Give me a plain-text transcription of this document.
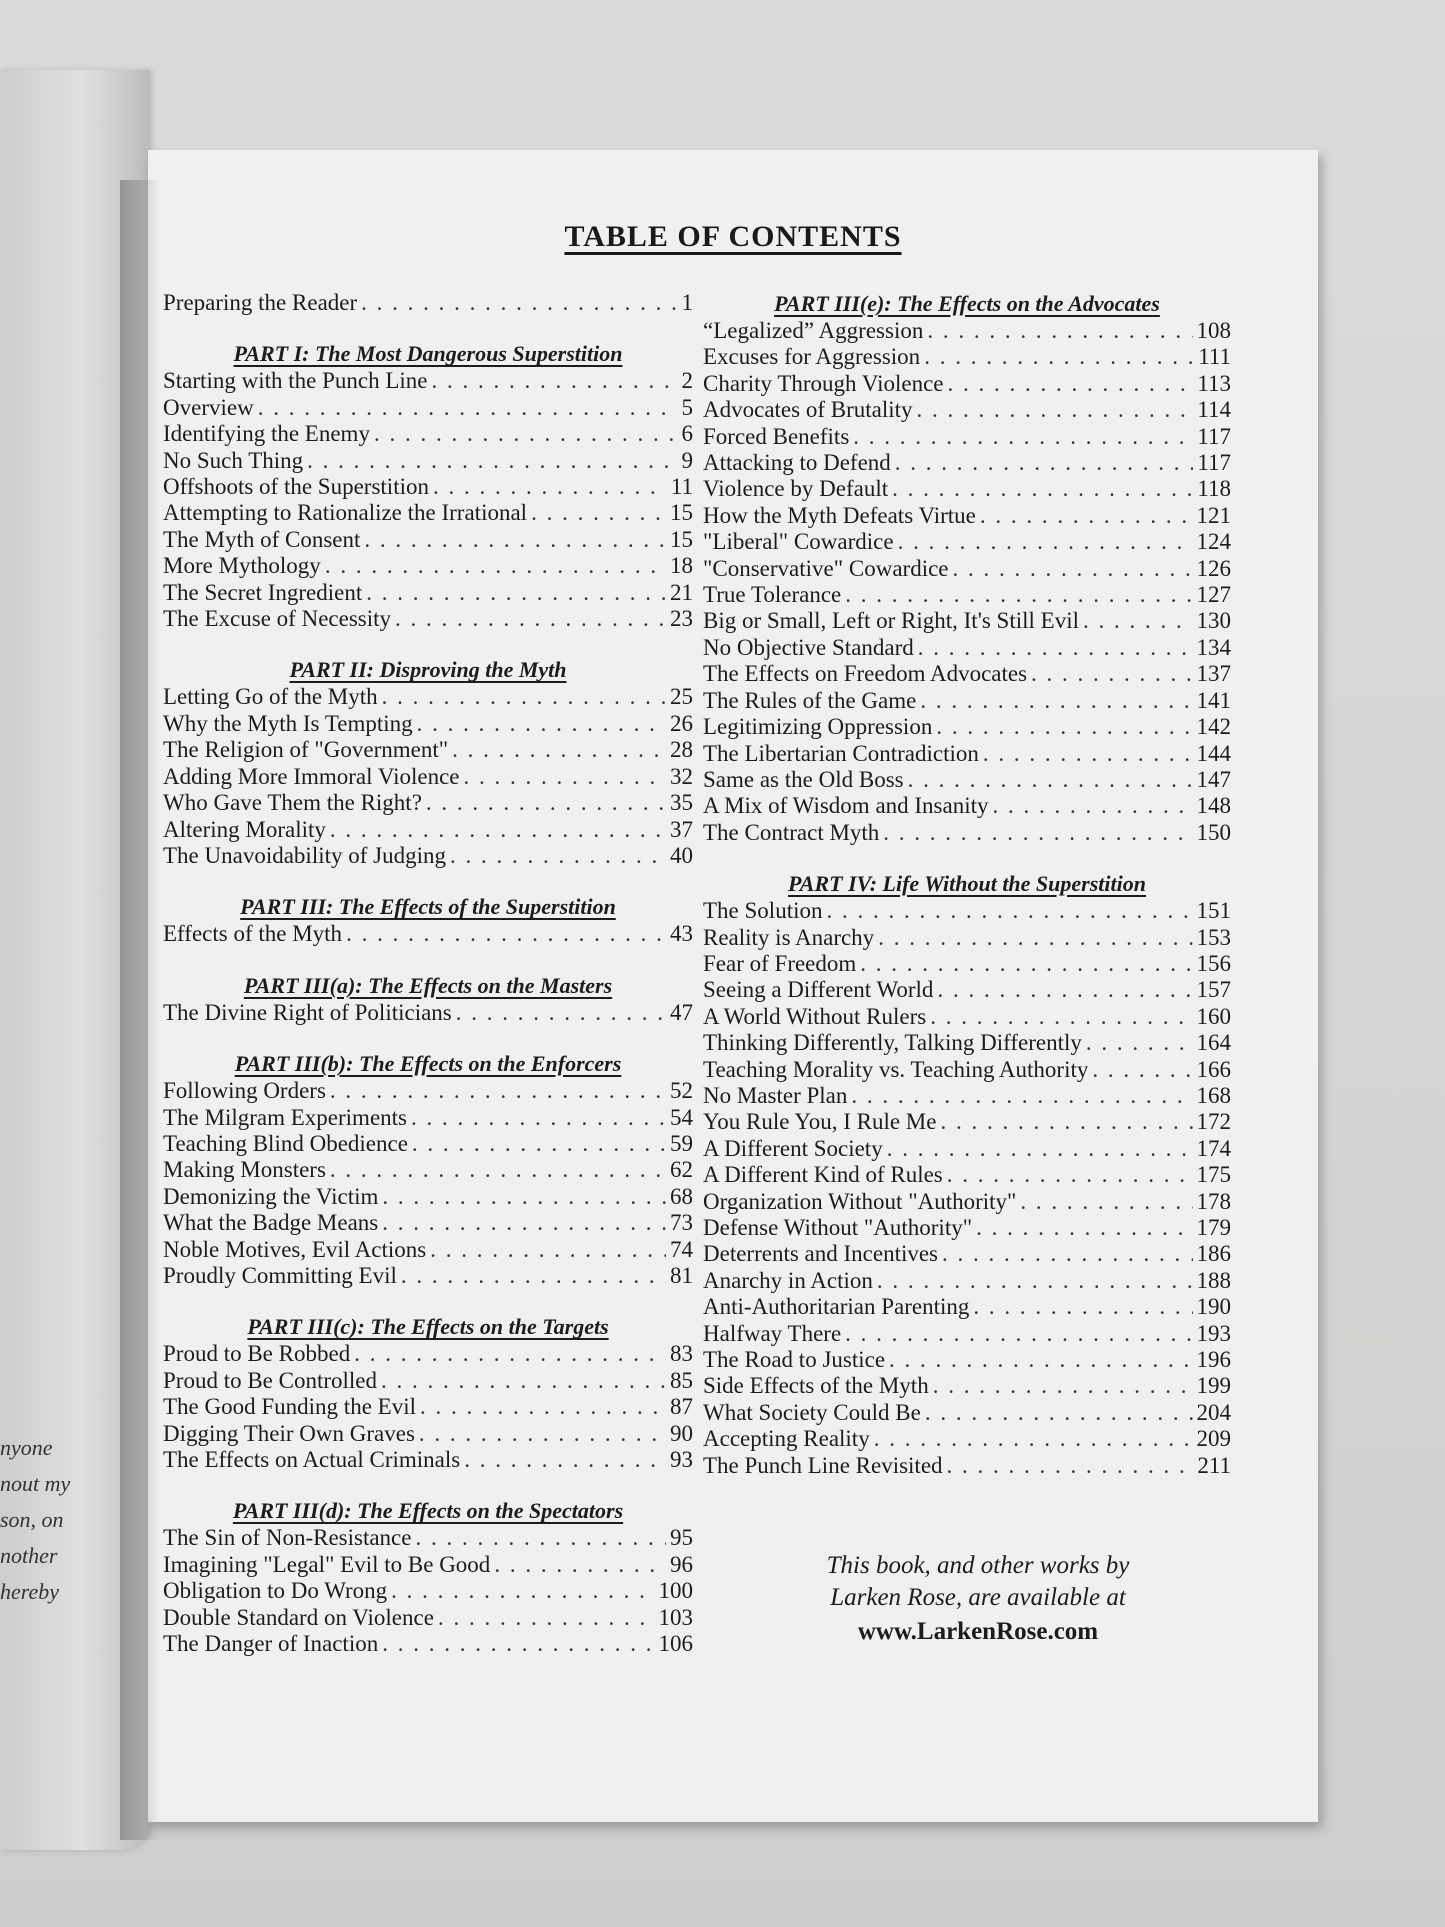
nyone
nout my
son, on
nother
hereby
TABLE OF CONTENTS
Preparing the Reader . . .	1
PART I: The Most Dangerous Superstition
Starting with the Punch Line . . .	2
Overview . . .	5
Identifying the Enemy . . .	6
No Such Thing . . .	9
Offshoots of the Superstition . . .	11
Attempting to Rationalize the Irrational . . .	15
The Myth of Consent . . .	15
More Mythology . . .	18
The Secret Ingredient . . .	21
The Excuse of Necessity . . .	23
PART II: Disproving the Myth
Letting Go of the Myth . . .	25
Why the Myth Is Tempting . . .	26
The Religion of "Government" . . .	28
Adding More Immoral Violence . . .	32
Who Gave Them the Right? . . .	35
Altering Morality . . .	37
The Unavoidability of Judging . . .	40
PART III: The Effects of the Superstition
Effects of the Myth . . .	43
PART III(a): The Effects on the Masters
The Divine Right of Politicians . . .	47
PART III(b): The Effects on the Enforcers
Following Orders . . .	52
The Milgram Experiments . . .	54
Teaching Blind Obedience . . .	59
Making Monsters . . .	62
Demonizing the Victim . . .	68
What the Badge Means . . .	73
Noble Motives, Evil Actions . . .	74
Proudly Committing Evil . . .	81
PART III(c): The Effects on the Targets
Proud to Be Robbed . . .	83
Proud to Be Controlled . . .	85
The Good Funding the Evil . . .	87
Digging Their Own Graves . . .	90
The Effects on Actual Criminals . . .	93
PART III(d): The Effects on the Spectators
The Sin of Non-Resistance . . .	95
Imagining "Legal" Evil to Be Good . . .	96
Obligation to Do Wrong . . .	100
Double Standard on Violence . . .	103
The Danger of Inaction . . .	106
PART III(e): The Effects on the Advocates
“Legalized” Aggression . . .	108
Excuses for Aggression . . .	111
Charity Through Violence . . .	113
Advocates of Brutality . . .	114
Forced Benefits . . .	117
Attacking to Defend . . .	117
Violence by Default . . .	118
How the Myth Defeats Virtue . . .	121
"Liberal" Cowardice . . .	124
"Conservative" Cowardice . . .	126
True Tolerance . . .	127
Big or Small, Left or Right, It's Still Evil . . .	130
No Objective Standard . . .	134
The Effects on Freedom Advocates . . .	137
The Rules of the Game . . .	141
Legitimizing Oppression . . .	142
The Libertarian Contradiction . . .	144
Same as the Old Boss . . .	147
A Mix of Wisdom and Insanity . . .	148
The Contract Myth . . .	150
PART IV: Life Without the Superstition
The Solution . . .	151
Reality is Anarchy . . .	153
Fear of Freedom . . .	156
Seeing a Different World . . .	157
A World Without Rulers . . .	160
Thinking Differently, Talking Differently . . .	164
Teaching Morality vs. Teaching Authority . . .	166
No Master Plan . . .	168
You Rule You, I Rule Me . . .	172
A Different Society . . .	174
A Different Kind of Rules . . .	175
Organization Without "Authority" . . .	178
Defense Without "Authority" . . .	179
Deterrents and Incentives . . .	186
Anarchy in Action . . .	188
Anti-Authoritarian Parenting . . .	190
Halfway There . . .	193
The Road to Justice . . .	196
Side Effects of the Myth . . .	199
What Society Could Be . . .	204
Accepting Reality . . .	209
The Punch Line Revisited . . .	211
This book, and other works by
Larken Rose, are available at
www.LarkenRose.com
